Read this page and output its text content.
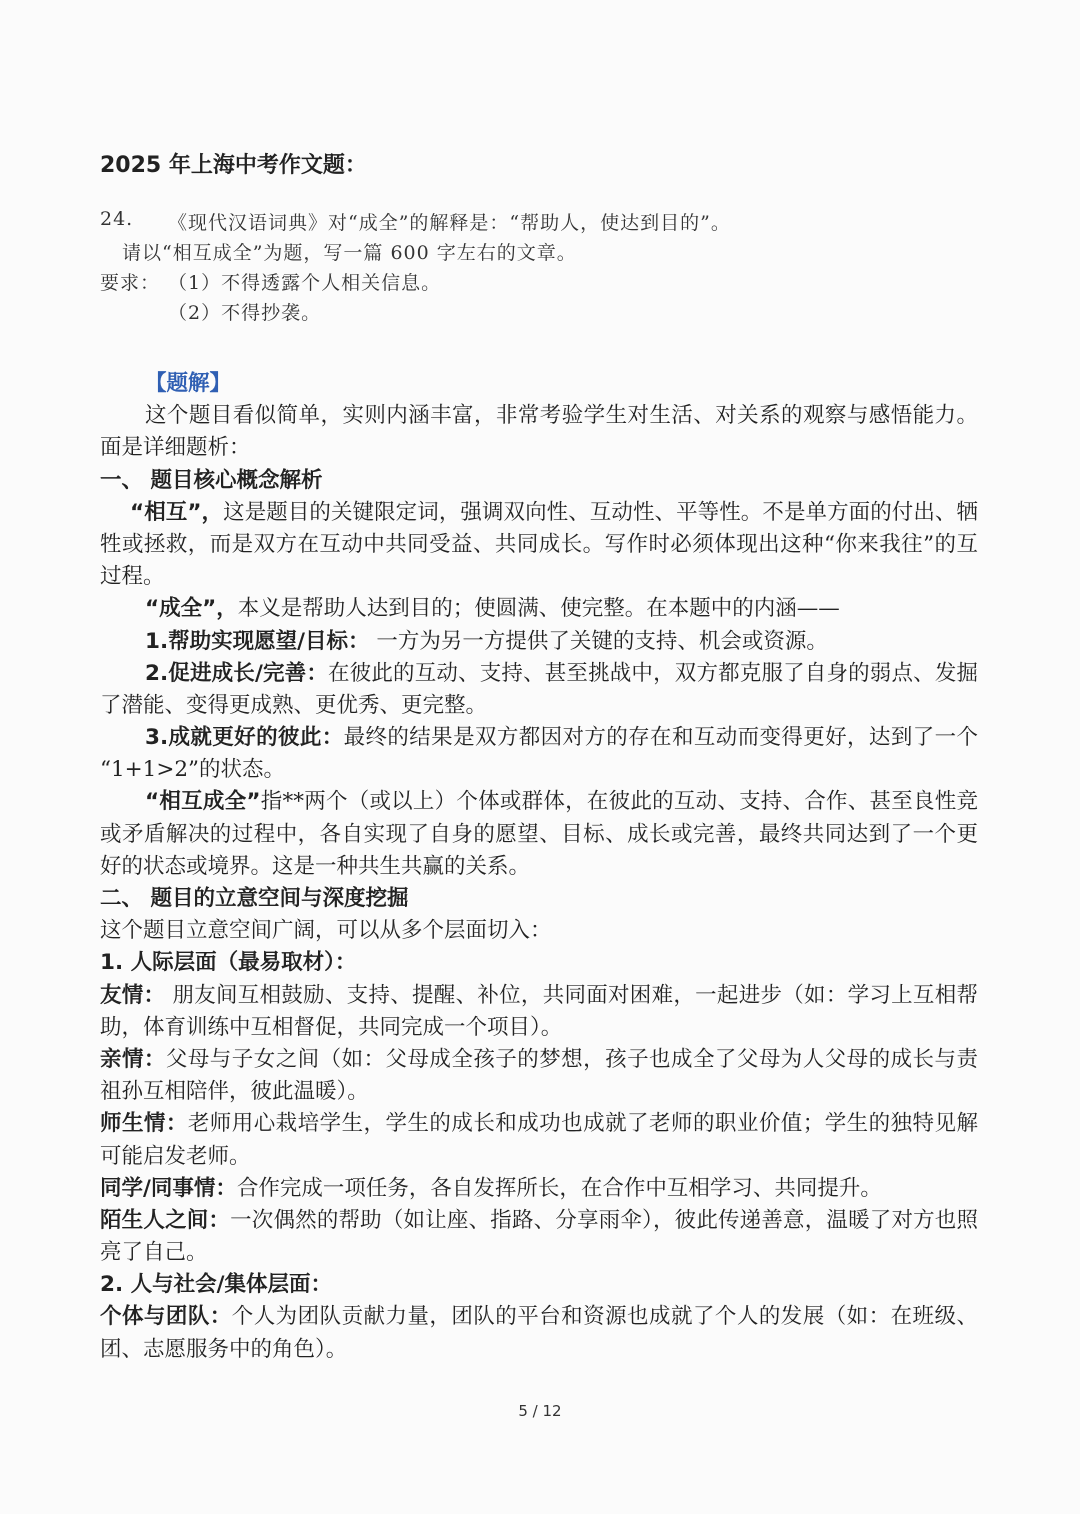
2025 年上海中考作文题：
24. 《现代汉语词典》对“成全”的解释是：“帮助人，使达到目的”。
请以“相互成全”为题，写一篇 600 字左右的文章。
要求： （1）不得透露个人相关信息。
（2）不得抄袭。
【题解】
这个题目看似简单，实则内涵丰富，非常考验学生对生活、对关系的观察与感悟能力。
面是详细题析：
一、 题目核心概念解析
“相互”，这是题目的关键限定词，强调双向性、互动性、平等性。不是单方面的付出、牺
牲或拯救，而是双方在互动中共同受益、共同成长。写作时必须体现出这种“你来我往”的互
过程。
“成全”，本义是帮助人达到目的；使圆满、使完整。在本题中的内涵——
1.帮助实现愿望/目标： 一方为另一方提供了关键的支持、机会或资源。
2.促进成长/完善：在彼此的互动、支持、甚至挑战中，双方都克服了自身的弱点、发掘
了潜能、变得更成熟、更优秀、更完整。
3.成就更好的彼此：最终的结果是双方都因对方的存在和互动而变得更好，达到了一个
“1+1>2”的状态。
“相互成全”指**两个（或以上）个体或群体，在彼此的互动、支持、合作、甚至良性竞
或矛盾解决的过程中，各自实现了自身的愿望、目标、成长或完善，最终共同达到了一个更
好的状态或境界。这是一种共生共赢的关系。
二、 题目的立意空间与深度挖掘
这个题目立意空间广阔，可以从多个层面切入：
1. 人际层面（最易取材）：
友情： 朋友间互相鼓励、支持、提醒、补位，共同面对困难，一起进步（如：学习上互相帮
助，体育训练中互相督促，共同完成一个项目）。
亲情：父母与子女之间（如：父母成全孩子的梦想，孩子也成全了父母为人父母的成长与责
祖孙互相陪伴，彼此温暖）。
师生情：老师用心栽培学生，学生的成长和成功也成就了老师的职业价值；学生的独特见解
可能启发老师。
同学/同事情：合作完成一项任务，各自发挥所长，在合作中互相学习、共同提升。
陌生人之间：一次偶然的帮助（如让座、指路、分享雨伞），彼此传递善意，温暖了对方也照
亮了自己。
2. 人与社会/集体层面：
个体与团队：个人为团队贡献力量，团队的平台和资源也成就了个人的发展（如：在班级、
团、志愿服务中的角色）。
5 / 12
